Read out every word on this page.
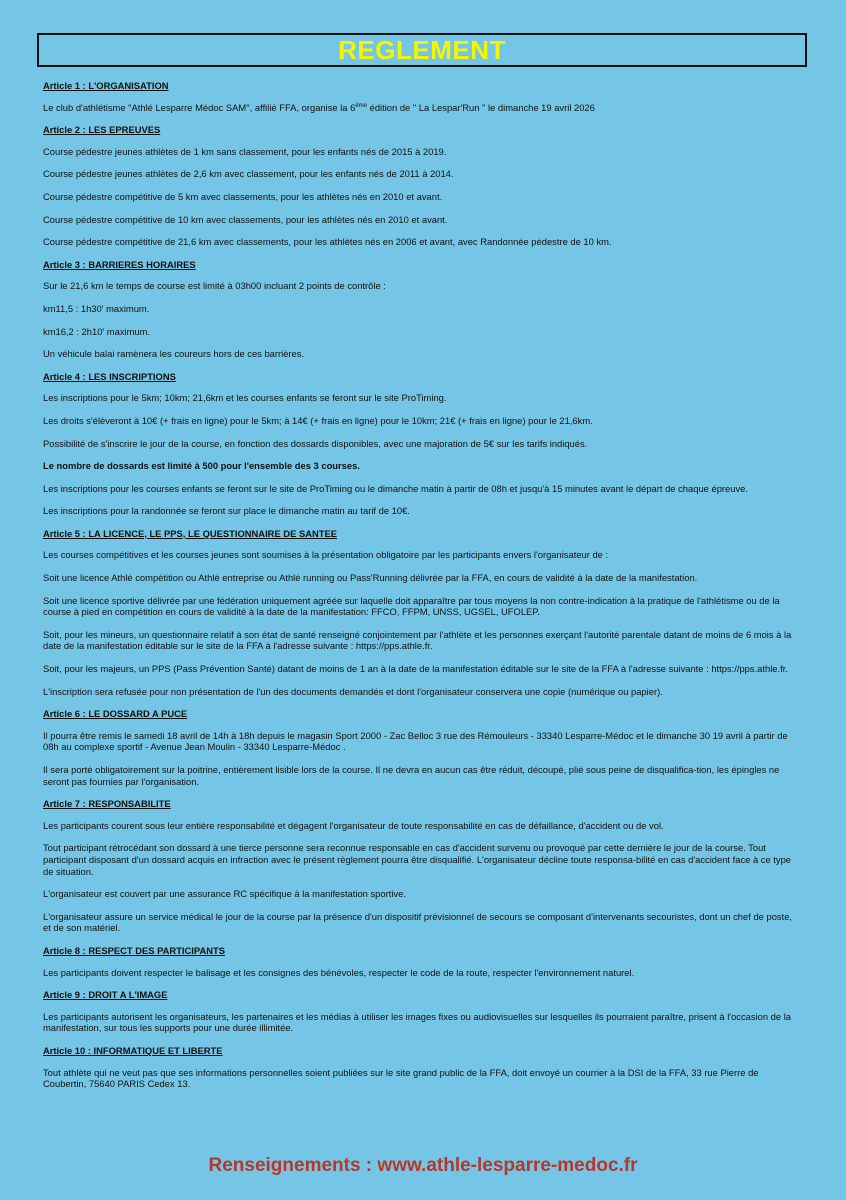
REGLEMENT
Article 1 : L'ORGANISATION
Le club d'athlétisme "Athlé Lesparre Médoc SAM'', affilié FFA, organise la 6ème édition de " La Lespar'Run " le dimanche 19 avril 2026
Article 2 : LES EPREUVES
Course pédestre jeunes athlètes de 1 km sans classement, pour les enfants nés de 2015 à 2019.
Course pédestre jeunes athlètes de 2,6 km avec classement, pour les enfants nés de 2011 à 2014.
Course pédestre compétitive de 5 km avec classements, pour les athlètes nés en 2010 et avant.
Course pédestre compétitive de 10 km avec classements, pour les athlètes nés en 2010 et avant.
Course pédestre compétitive de 21,6 km avec classements, pour les athlètes nés en 2006 et avant, avec Randonnée pédestre de 10 km.
Article 3 : BARRIERES HORAIRES
Sur le 21,6 km le temps de course est limité à 03h00 incluant 2 points de contrôle :
km11,5 : 1h30' maximum.
km16,2 : 2h10' maximum.
Un véhicule balai ramènera les coureurs hors de ces barrières.
Article 4 : LES INSCRIPTIONS
Les inscriptions pour le 5km; 10km; 21,6km et les courses enfants se feront sur le site ProTiming.
Les droits s'élèveront à 10€ (+ frais en ligne) pour le 5km; à 14€ (+ frais en ligne) pour le 10km; 21€ (+ frais en ligne) pour le 21,6km.
Possibilité de s'inscrire le jour de la course, en fonction des dossards disponibles, avec une majoration de 5€ sur les tarifs indiqués.
Le nombre de dossards est limité à 500 pour l'ensemble des 3 courses.
Les inscriptions pour les courses enfants se feront sur le site de ProTiming ou le dimanche matin à partir de 08h et jusqu'à 15 minutes avant le départ de chaque épreuve.
Les inscriptions pour la randonnée se feront sur place le dimanche matin au tarif de 10€.
Article 5 : LA LICENCE, LE PPS, LE QUESTIONNAIRE DE SANTEE
Les courses compétitives et les courses jeunes sont soumises à la présentation obligatoire par les participants envers l'organisateur de :
Soit une licence Athlé compétition ou Athlé entreprise ou Athlé running ou Pass'Running délivrée par la FFA, en cours de validité à la date de la manifestation.
Soit une licence sportive délivrée par une fédération uniquement agréée sur laquelle doit apparaître par tous moyens la non contre-indication à la pratique de l'athlétisme ou de la course à pied en compétition en cours de validité à la date de la manifestation: FFCO, FFPM, UNSS, UGSEL, UFOLEP.
Soit, pour les mineurs, un questionnaire relatif à son état de santé renseigné conjointement par l'athlète et les personnes exerçant l'autorité parentale datant de moins de 6 mois à la date de la manifestation éditable sur le site de la FFA à l'adresse suivante : https://pps.athle.fr.
Soit, pour les majeurs, un PPS (Pass Prévention Santé) datant de moins de 1 an à la date de la manifestation éditable sur le site de la FFA à l'adresse suivante : https://pps.athle.fr.
L'inscription sera refusée pour non présentation de l'un des documents demandés et dont l'organisateur conservera une copie (numérique ou papier).
Article 6 : LE DOSSARD A PUCE
Il pourra être remis le samedi 18 avril de 14h à 18h depuis le magasin Sport 2000 - Zac Belloc 3 rue des Rémouleurs - 33340 Lesparre-Médoc et le dimanche 30 19 avril à partir de 08h au complexe sportif - Avenue Jean Moulin - 33340 Lesparre-Médoc .
Il sera porté obligatoirement sur la poitrine, entièrement lisible lors de la course. Il ne devra en aucun cas être réduit, découpé, plié sous peine de disqualifica-tion, les épingles ne seront pas fournies par l'organisation.
Article 7 : RESPONSABILITE
Les participants courent sous leur entière responsabilité et dégagent l'organisateur de toute responsabilité en cas de défaillance, d'accident ou de vol.
Tout participant rétrocédant son dossard à une tierce personne sera reconnue responsable en cas d'accident survenu ou provoqué par cette dernière le jour de la course. Tout participant disposant d'un dossard acquis en infraction avec le présent règlement pourra être disqualifié. L'organisateur décline toute responsa-bilité en cas d'accident face à ce type de situation.
L'organisateur est couvert par une assurance RC spécifique à la manifestation sportive.
L'organisateur assure un service médical le jour de la course par la présence d'un dispositif prévisionnel de secours se composant d'intervenants secouristes, dont un chef de poste, et de son matériel.
Article 8 : RESPECT DES PARTICIPANTS
Les participants doivent respecter le balisage et les consignes des bénévoles, respecter le code de la route, respecter l'environnement naturel.
Article 9 : DROIT A L'IMAGE
Les participants autorisent les organisateurs, les partenaires et les médias à utiliser les images fixes ou audiovisuelles sur lesquelles ils pourraient paraître, prisent à l'occasion de la manifestation, sur tous les supports pour une durée illimitée.
Article 10 : INFORMATIQUE ET LIBERTE
Tout athlète qui ne veut pas que ses informations personnelles soient publiées sur le site grand public de la FFA, doit envoyé un courrier à la DSI de la FFA, 33 rue Pierre de Coubertin, 75640 PARIS Cedex 13.
Renseignements : www.athle-lesparre-medoc.fr
